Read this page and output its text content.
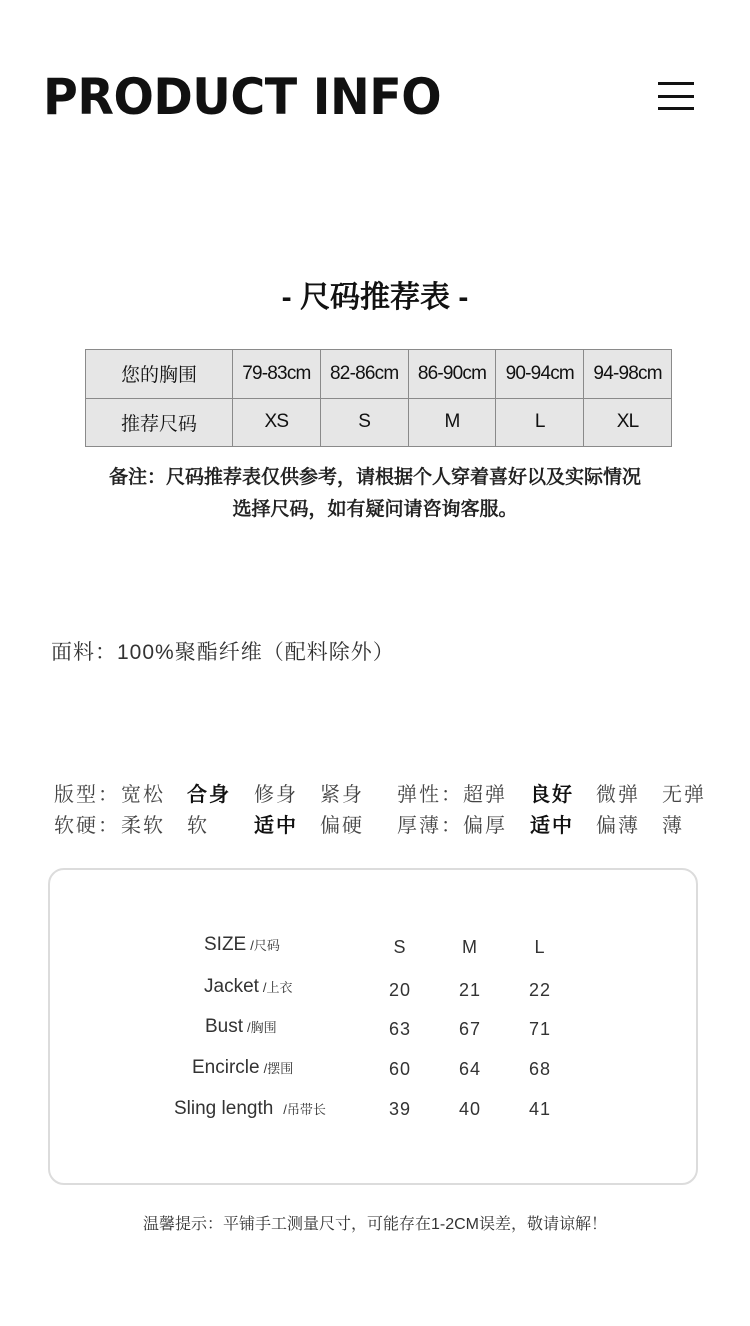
PRODUCT INFO
- 尺码推荐表 -
您的胸围	79-83cm	82-86cm	86-90cm	90-94cm	94-98cm
推荐尺码	XS	S	M	L	XL
备注：尺码推荐表仅供参考，请根据个人穿着喜好以及实际情况
选择尺码，如有疑问请咨询客服。
面料：100%聚酯纤维（配料除外）
版型： 宽松 合身 修身 紧身 弹性： 超弹 良好 微弹 无弹
软硬： 柔软 软 适中 偏硬 厚薄： 偏厚 适中 偏薄 薄
SIZE /尺码	S	M	L
Jacket /上衣	20	21	22
Bust /胸围	63	67	71
Encircle /摆围	60	64	68
Sling length /吊带长	39	40	41
温馨提示：平铺手工测量尺寸，可能存在1-2CM误差，敬请谅解！
